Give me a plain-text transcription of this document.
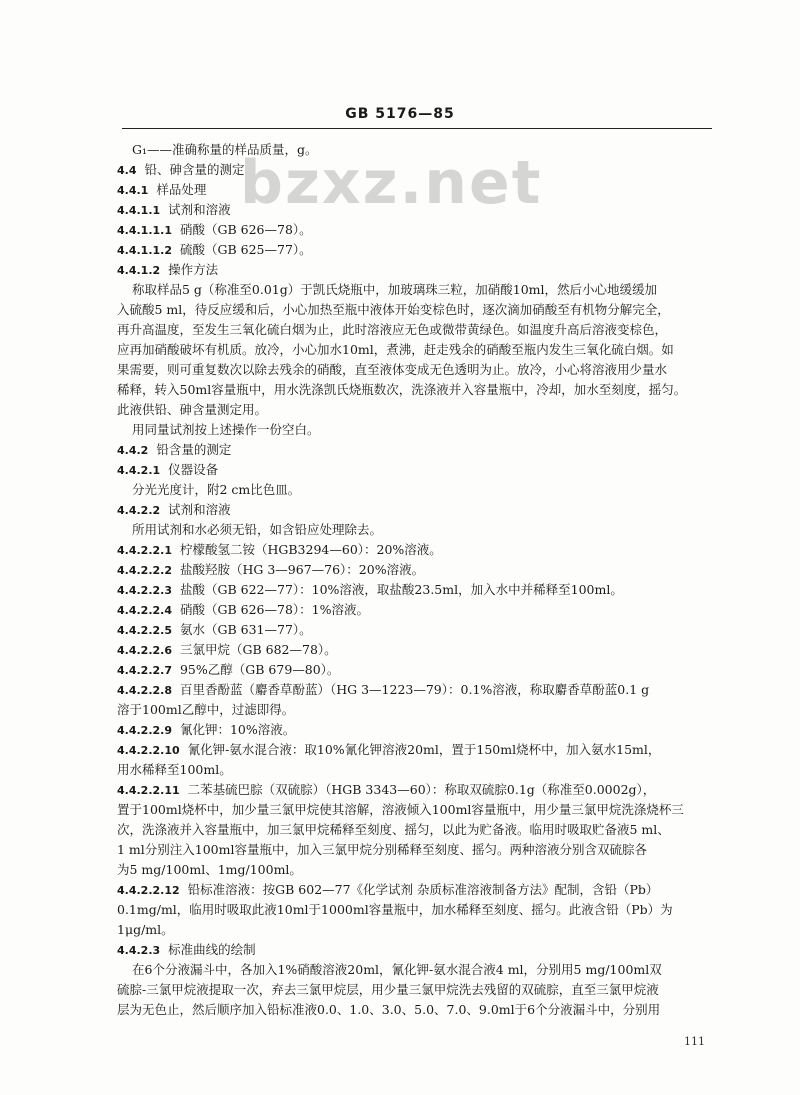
GB 5176—85
bzxz.net
G₁——准确称量的样品质量，g。
4.4 铅、砷含量的测定
4.4.1 样品处理
4.4.1.1 试剂和溶液
4.4.1.1.1 硝酸（GB 626—78）。
4.4.1.1.2 硫酸（GB 625—77）。
4.4.1.2 操作方法
称取样品5 g（称准至0.01g）于凯氏烧瓶中，加玻璃珠三粒，加硝酸10ml，然后小心地缓缓加
入硫酸5 ml，待反应缓和后，小心加热至瓶中液体开始变棕色时，逐次滴加硝酸至有机物分解完全，
再升高温度，至发生三氧化硫白烟为止，此时溶液应无色或微带黄绿色。如温度升高后溶液变棕色，
应再加硝酸破坏有机质。放冷，小心加水10ml，煮沸，赶走残余的硝酸至瓶内发生三氧化硫白烟。如
果需要，则可重复数次以除去残余的硝酸，直至液体变成无色透明为止。放冷，小心将溶液用少量水
稀释，转入50ml容量瓶中，用水洗涤凯氏烧瓶数次，洗涤液并入容量瓶中，冷却，加水至刻度，摇匀。
此液供铅、砷含量测定用。
用同量试剂按上述操作一份空白。
4.4.2 铅含量的测定
4.4.2.1 仪器设备
分光光度计，附2 cm比色皿。
4.4.2.2 试剂和溶液
所用试剂和水必须无铅，如含铅应处理除去。
4.4.2.2.1 柠檬酸氢二铵（HGB3294—60）：20%溶液。
4.4.2.2.2 盐酸羟胺（HG 3—967—76）：20%溶液。
4.4.2.2.3 盐酸（GB 622—77）：10%溶液，取盐酸23.5ml，加入水中并稀释至100ml。
4.4.2.2.4 硝酸（GB 626—78）：1%溶液。
4.4.2.2.5 氨水（GB 631—77）。
4.4.2.2.6 三氯甲烷（GB 682—78）。
4.4.2.2.7 95%乙醇（GB 679—80）。
4.4.2.2.8 百里香酚蓝（麝香草酚蓝）（HG 3—1223—79）：0.1%溶液，称取麝香草酚蓝0.1 g
溶于100ml乙醇中，过滤即得。
4.4.2.2.9 氰化钾：10%溶液。
4.4.2.2.10 氰化钾-氨水混合液：取10%氰化钾溶液20ml，置于150ml烧杯中，加入氨水15ml，
用水稀释至100ml。
4.4.2.2.11 二苯基硫巴腙（双硫腙）（HGB 3343—60）：称取双硫腙0.1g（称准至0.0002g），
置于100ml烧杯中，加少量三氯甲烷使其溶解，溶液倾入100ml容量瓶中，用少量三氯甲烷洗涤烧杯三
次，洗涤液并入容量瓶中，加三氯甲烷稀释至刻度、摇匀，以此为贮备液。临用时吸取贮备液5 ml、
1 ml分别注入100ml容量瓶中，加入三氯甲烷分别稀释至刻度、摇匀。两种溶液分别含双硫腙各
为5 mg/100ml、1mg/100ml。
4.4.2.2.12 铅标准溶液：按GB 602—77《化学试剂 杂质标准溶液制备方法》配制，含铅（Pb）
0.1mg/ml，临用时吸取此液10ml于1000ml容量瓶中，加水稀释至刻度、摇匀。此液含铅（Pb）为
1μg/ml。
4.4.2.3 标准曲线的绘制
在6个分液漏斗中，各加入1%硝酸溶液20ml，氰化钾-氨水混合液4 ml，分别用5 mg/100ml双
硫腙-三氯甲烷液提取一次，弃去三氯甲烷层，用少量三氯甲烷洗去残留的双硫腙，直至三氯甲烷液
层为无色止，然后顺序加入铅标准液0.0、1.0、3.0、5.0、7.0、9.0ml于6个分液漏斗中，分别用
111
